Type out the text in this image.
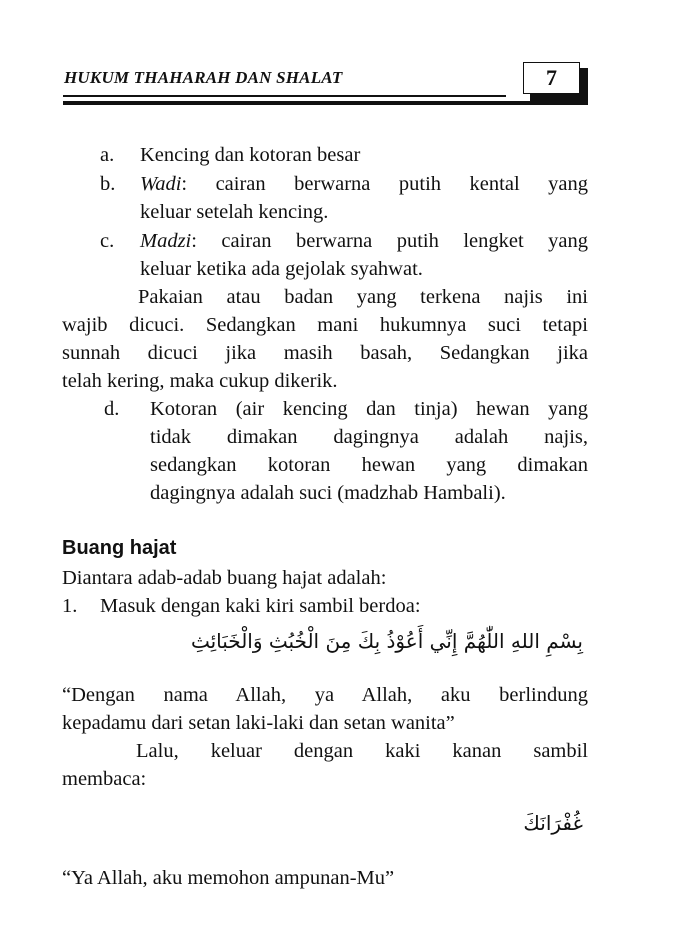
HUKUM THAHARAH DAN SHALAT	7
a. Kencing dan kotoran besar
b. Wadi: cairan berwarna putih kental yang
keluar setelah kencing.
c. Madzi: cairan berwarna putih lengket yang
keluar ketika ada gejolak syahwat.
Pakaian atau badan yang terkena najis ini
wajib dicuci. Sedangkan mani hukumnya suci tetapi
sunnah dicuci jika masih basah, Sedangkan jika
telah kering, maka cukup dikerik.
d. Kotoran (air kencing dan tinja) hewan yang
tidak dimakan dagingnya adalah najis,
sedangkan kotoran hewan yang dimakan
dagingnya adalah suci (madzhab Hambali).
Buang hajat
Diantara adab-adab buang hajat adalah:
1. Masuk dengan kaki kiri sambil berdoa:
بِسْمِ اللهِ اللّٰهُمَّ إِنِّي أَعُوْذُ بِكَ مِنَ الْخُبُثِ وَالْخَبَائِثِ
“Dengan nama Allah, ya Allah, aku berlindung
kepadamu dari setan laki-laki dan setan wanita”
Lalu, keluar dengan kaki kanan sambil
membaca:
غُفْرَانَكَ
“Ya Allah, aku memohon ampunan-Mu”
